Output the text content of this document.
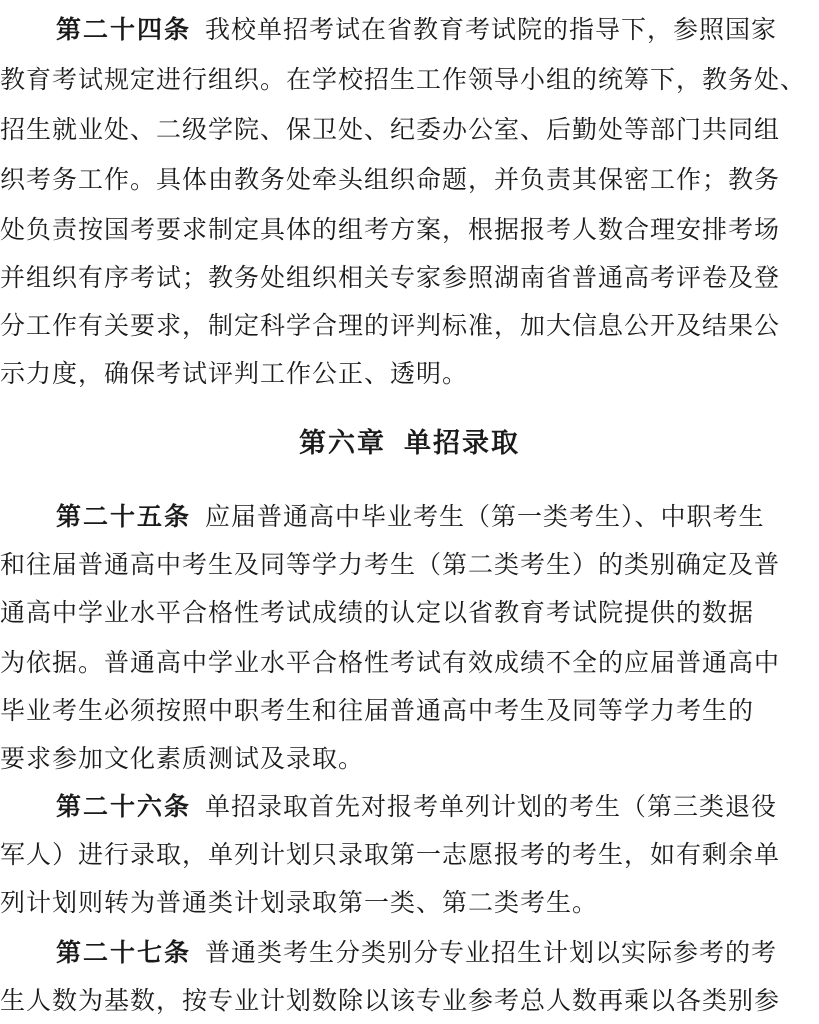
第二十四条 我校单招考试在省教育考试院的指导下，参照国家
教育考试规定进行组织。在学校招生工作领导小组的统筹下，教务处、
招生就业处、二级学院、保卫处、纪委办公室、后勤处等部门共同组
织考务工作。具体由教务处牵头组织命题，并负责其保密工作；教务
处负责按国考要求制定具体的组考方案，根据报考人数合理安排考场
并组织有序考试；教务处组织相关专家参照湖南省普通高考评卷及登
分工作有关要求，制定科学合理的评判标准，加大信息公开及结果公
示力度，确保考试评判工作公正、透明。
第六章 单招录取
第二十五条 应届普通高中毕业考生（第一类考生）、中职考生
和往届普通高中考生及同等学力考生（第二类考生）的类别确定及普
通高中学业水平合格性考试成绩的认定以省教育考试院提供的数据
为依据。普通高中学业水平合格性考试有效成绩不全的应届普通高中
毕业考生必须按照中职考生和往届普通高中考生及同等学力考生的
要求参加文化素质测试及录取。
第二十六条 单招录取首先对报考单列计划的考生（第三类退役
军人）进行录取，单列计划只录取第一志愿报考的考生，如有剩余单
列计划则转为普通类计划录取第一类、第二类考生。
第二十七条 普通类考生分类别分专业招生计划以实际参考的考
生人数为基数，按专业计划数除以该专业参考总人数再乘以各类别参
